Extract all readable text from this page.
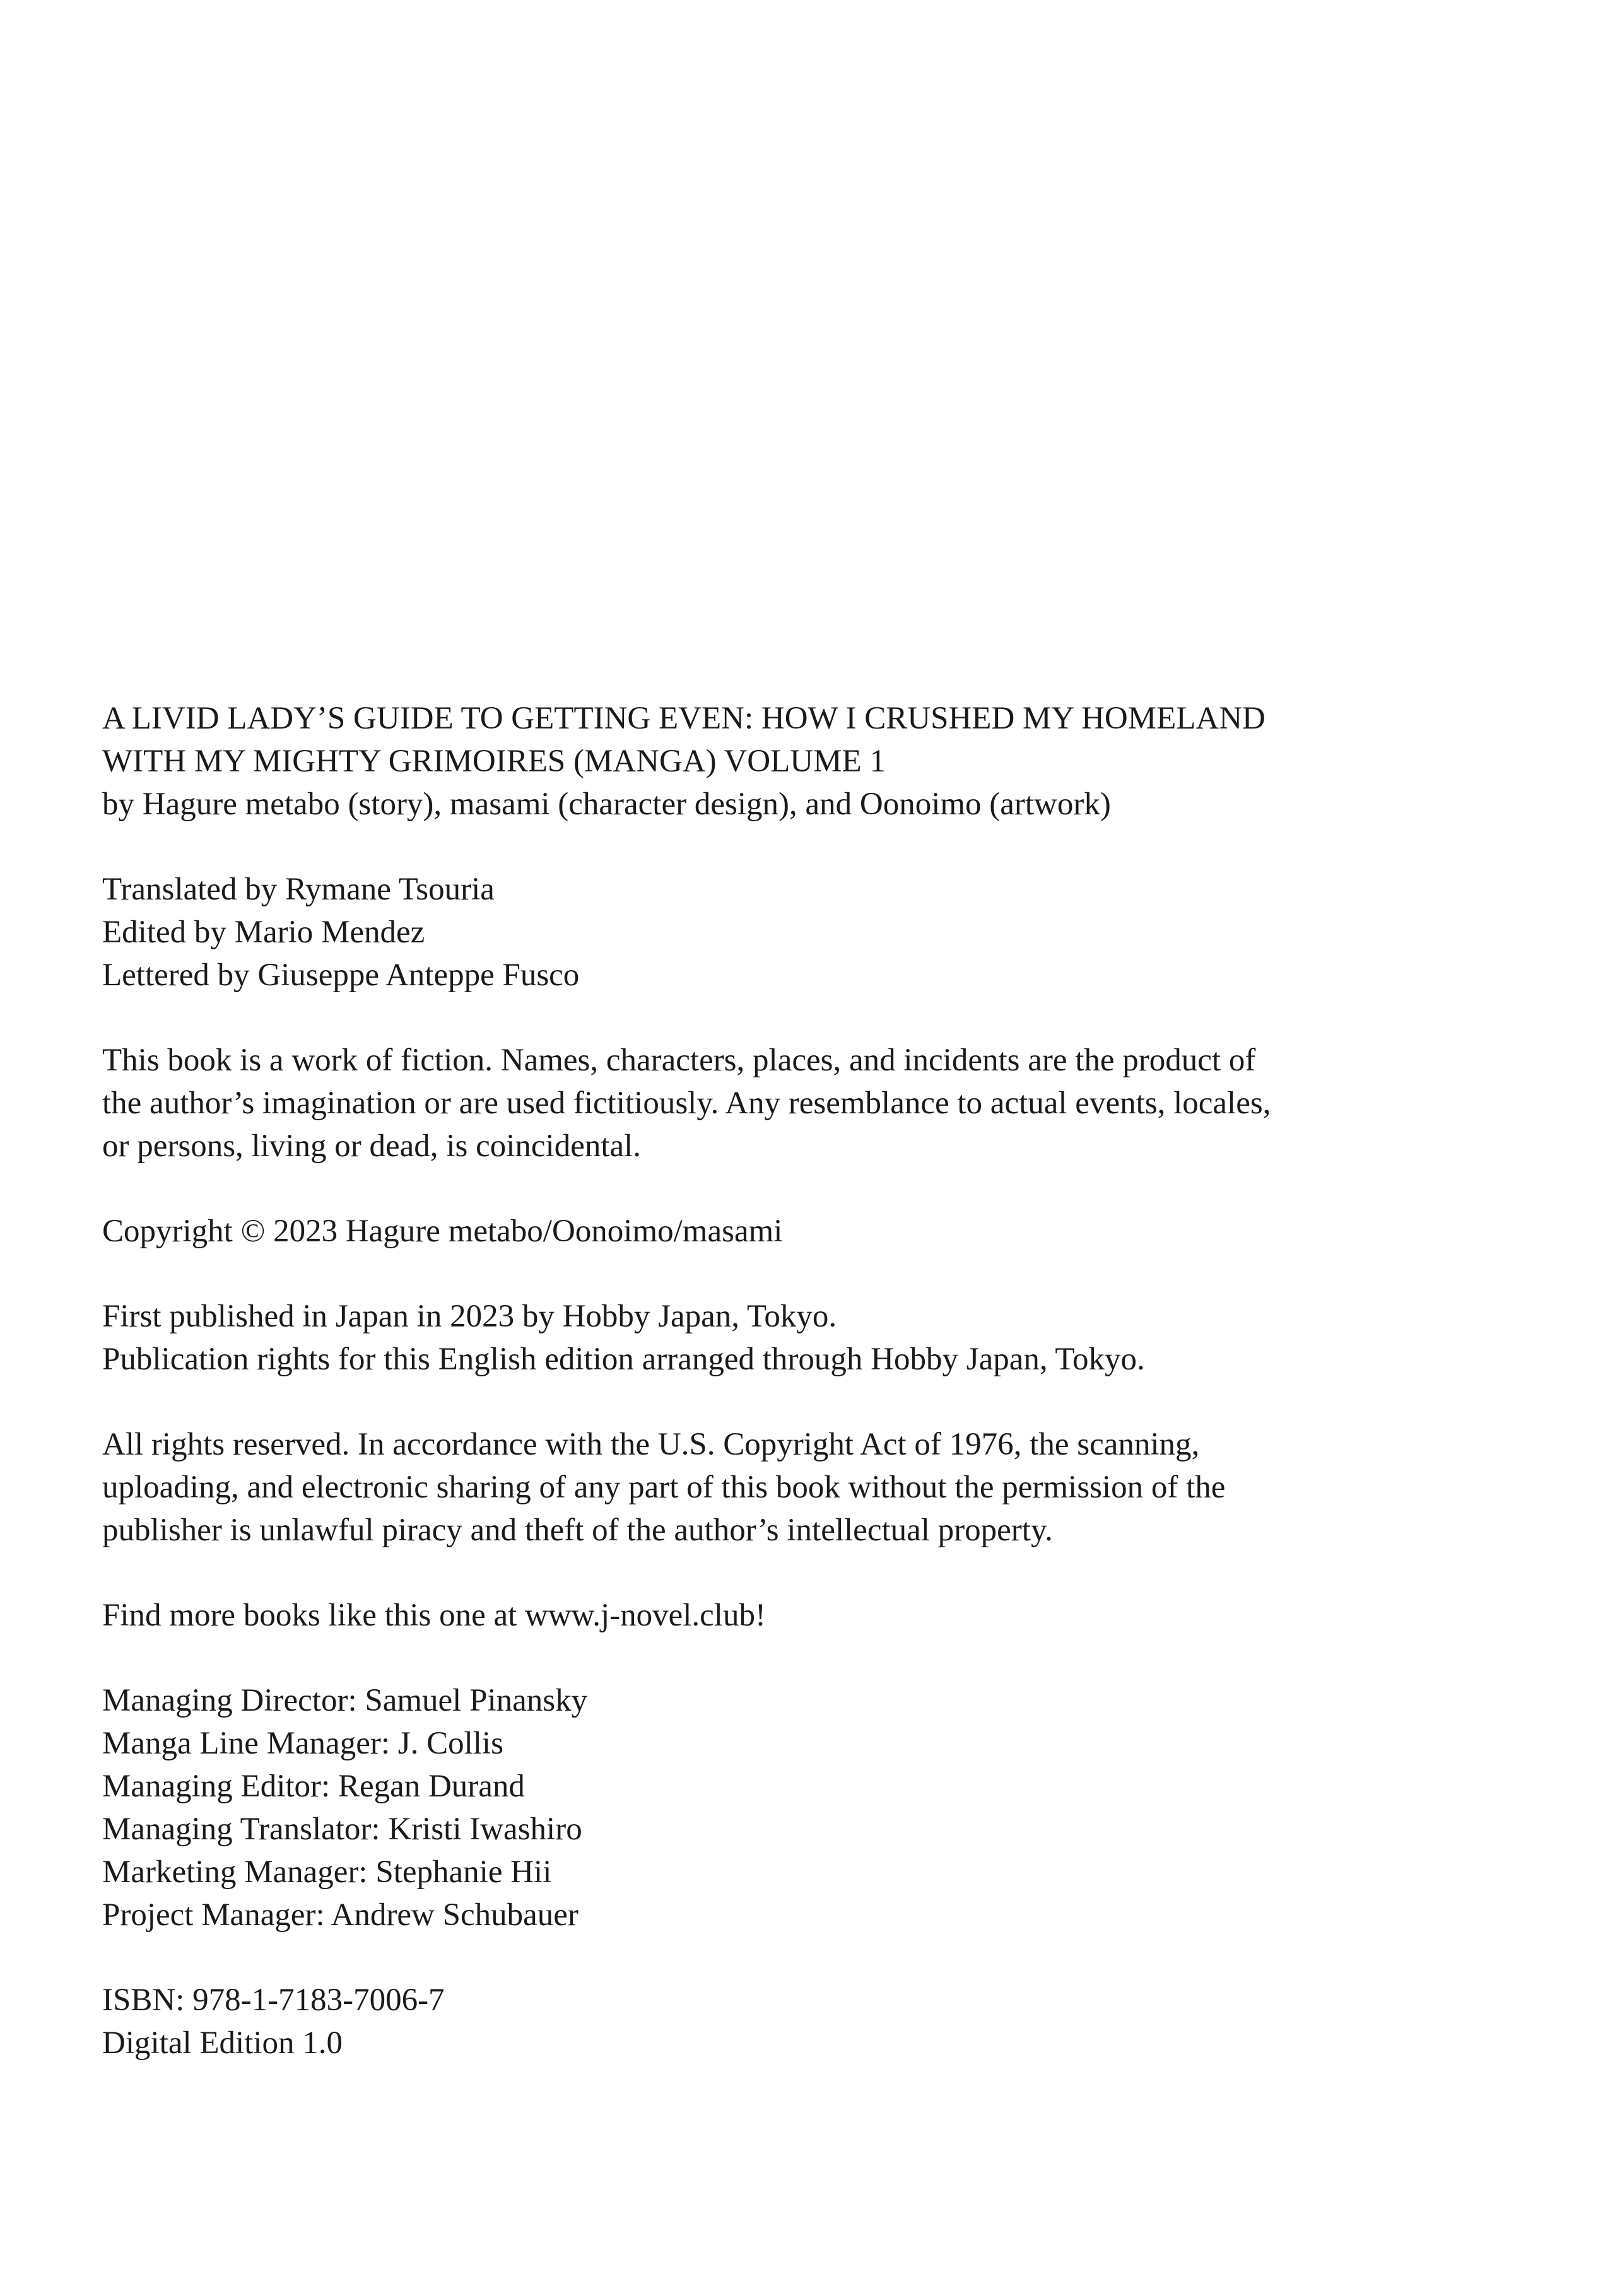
A LIVID LADY’S GUIDE TO GETTING EVEN: HOW I CRUSHED MY HOMELAND
WITH MY MIGHTY GRIMOIRES (MANGA) VOLUME 1
by Hagure metabo (story), masami (character design), and Oonoimo (artwork)
Translated by Rymane Tsouria
Edited by Mario Mendez
Lettered by Giuseppe Anteppe Fusco
This book is a work of fiction. Names, characters, places, and incidents are the product of
the author’s imagination or are used fictitiously. Any resemblance to actual events, locales,
or persons, living or dead, is coincidental.
Copyright © 2023 Hagure metabo/Oonoimo/masami
First published in Japan in 2023 by Hobby Japan, Tokyo.
Publication rights for this English edition arranged through Hobby Japan, Tokyo.
All rights reserved. In accordance with the U.S. Copyright Act of 1976, the scanning,
uploading, and electronic sharing of any part of this book without the permission of the
publisher is unlawful piracy and theft of the author’s intellectual property.
Find more books like this one at www.j-novel.club!
Managing Director: Samuel Pinansky
Manga Line Manager: J. Collis
Managing Editor: Regan Durand
Managing Translator: Kristi Iwashiro
Marketing Manager: Stephanie Hii
Project Manager: Andrew Schubauer
ISBN: 978-1-7183-7006-7
Digital Edition 1.0
